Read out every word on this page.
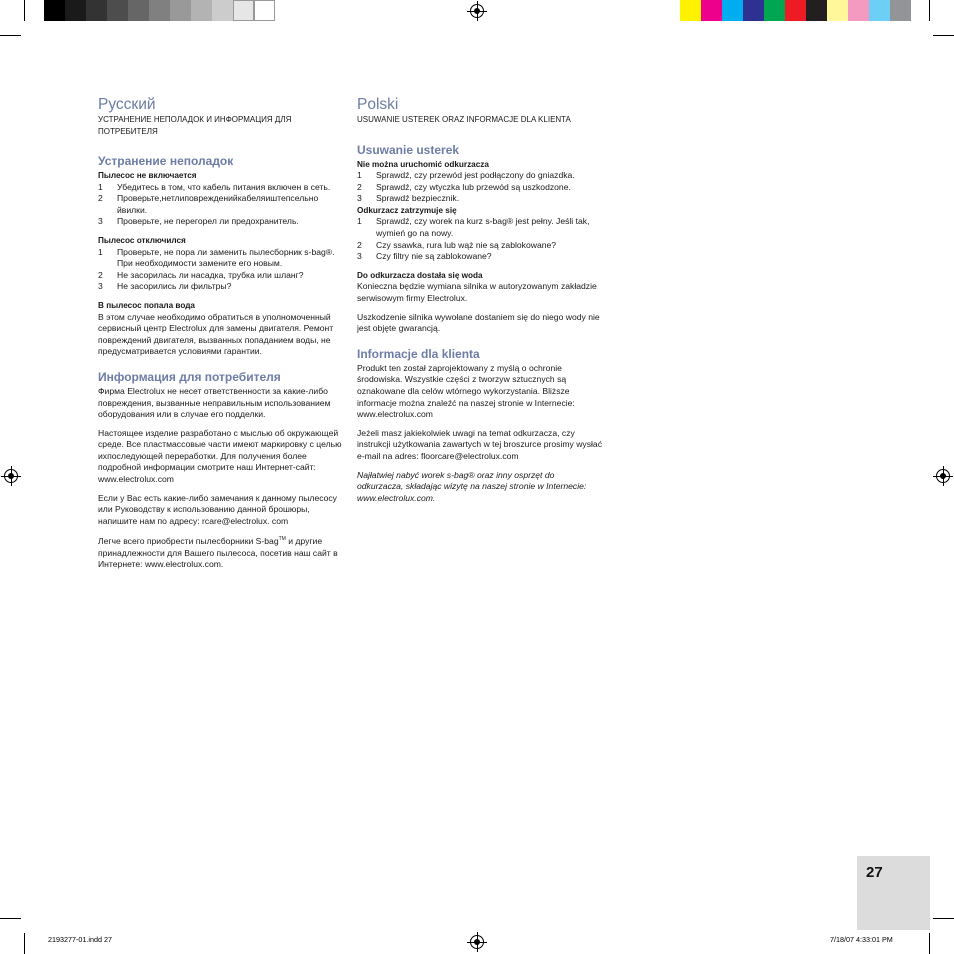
Русский
УСТРАНЕНИЕ НЕПОЛАДОК И ИНФОРМАЦИЯ ДЛЯ ПОТРЕБИТЕЛЯ
Устранение неполадок
Пылесос не включается
1 Убедитесь в том, что кабель питания включен в сеть.
2 Проверьте,нетлиповрежденийкабеляиштепсельно йвилки.
3 Проверьте, не перегорел ли предохранитель.
Пылесос отключился
1 Проверьте, не пора ли заменить пылесборник s-bag®. При необходимости замените его новым.
2 Не засорилась ли насадка, трубка или шланг?
3 Не засорились ли фильтры?
В пылесос попала вода

В этом случае необходимо обратиться в уполномоченный сервисный центр Electrolux для замены двигателя. Ремонт повреждений двигателя, вызванных попаданием воды, не предусматривается условиями гарантии.

Информация для потребителя

Фирма Electrolux не несет ответственности за какие-либо повреждения, вызванные неправильным использованием оборудования или в случае его подделки.

Настоящее изделие разработано с мыслью об окружающей среде. Все пластмассовые части имеют маркировку с целью ихпоследующей переработки. Для получения более подробной информации смотрите наш Интернет-сайт: www.electrolux.com

Если у Вас есть какие-либо замечания к данному пылесосу или Руководству к использованию данной брошюры, напишите нам по адресу: rcare@electrolux. com

Легче всего приобрести пылесборники S-bag™ и другие принадлежности для Вашего пылесоса, посетив наш сайт в Интернете: www.electrolux.com.

Polski
USUWANIE USTEREK ORAZ INFORMACJE DLA KLIENTA
Usuwanie usterek
Nie można uruchomić odkurzacza
1 Sprawdź, czy przewód jest podłączony do gniazdka.
2 Sprawdź, czy wtyczka lub przewód są uszkodzone.
3 Sprawdź bezpiecznik.
Odkurzacz zatrzymuje się
1 Sprawdź, czy worek na kurz s-bag® jest pełny. Jeśli tak, wymień go na nowy.
2 Czy ssawka, rura lub wąż nie są zablokowane?
3 Czy filtry nie są zablokowane?
Do odkurzacza dostała się woda

Konieczna będzie wymiana silnika w autoryzowanym zakładzie serwisowym firmy Electrolux.

Uszkodzenie silnika wywołane dostaniem się do niego wody nie jest objęte gwarancją.

Informacje dla klienta

Produkt ten został zaprojektowany z myślą o ochronie środowiska. Wszystkie części z tworzyw sztucznych są oznakowane dla celów wtórnego wykorzystania. Bliższe informacje można znaleźć na naszej stronie w Internecie: www.electrolux.com

Jeżeli masz jakiekolwiek uwagi na temat odkurzacza, czy instrukcji użytkowania zawartych w tej broszurce prosimy wysłać e-mail na adres: floorcare@electrolux.com

Najłatwiej nabyć worek s-bag® oraz inny osprzęt do odkurzacza, składając wizytę na naszej stronie w Internecie: www.electrolux.com.

27
2193277-01.indd 27	7/18/07 4:33:01 PM
